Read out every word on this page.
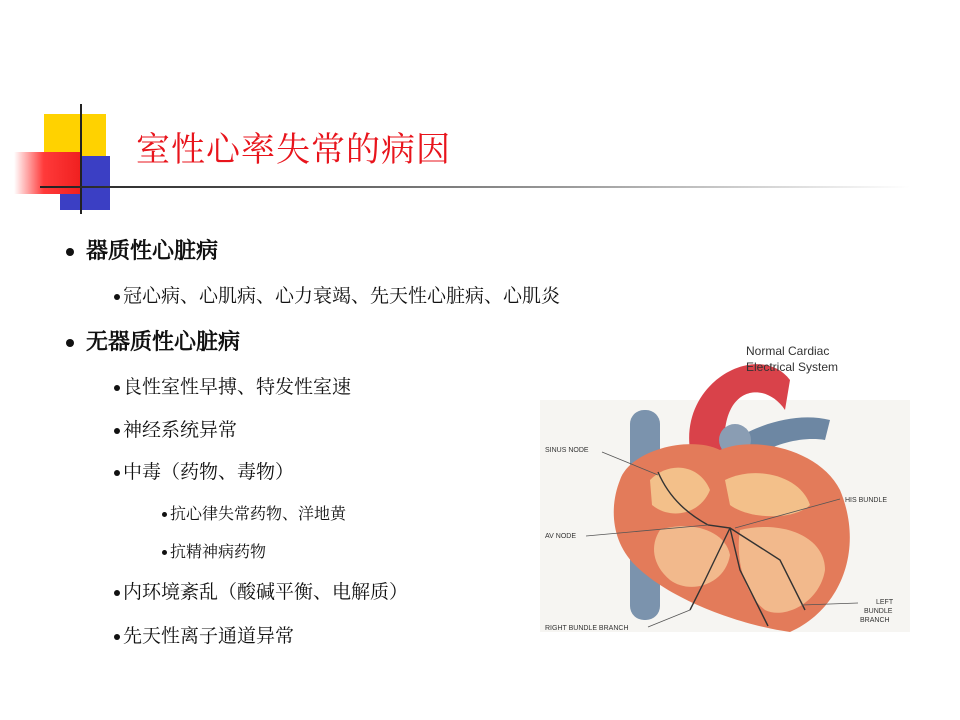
室性心率失常的病因
器质性心脏病
冠心病、心肌病、心力衰竭、先天性心脏病、心肌炎
无器质性心脏病
良性室性早搏、特发性室速
神经系统异常
中毒（药物、毒物）
抗心律失常药物、洋地黄
抗精神病药物
内环境紊乱（酸碱平衡、电解质）
先天性离子通道异常
Normal Cardiac
Electrical System
SINUS NODE
AV NODE
HIS BUNDLE
LEFT
BUNDLE
BRANCH
RIGHT BUNDLE BRANCH
